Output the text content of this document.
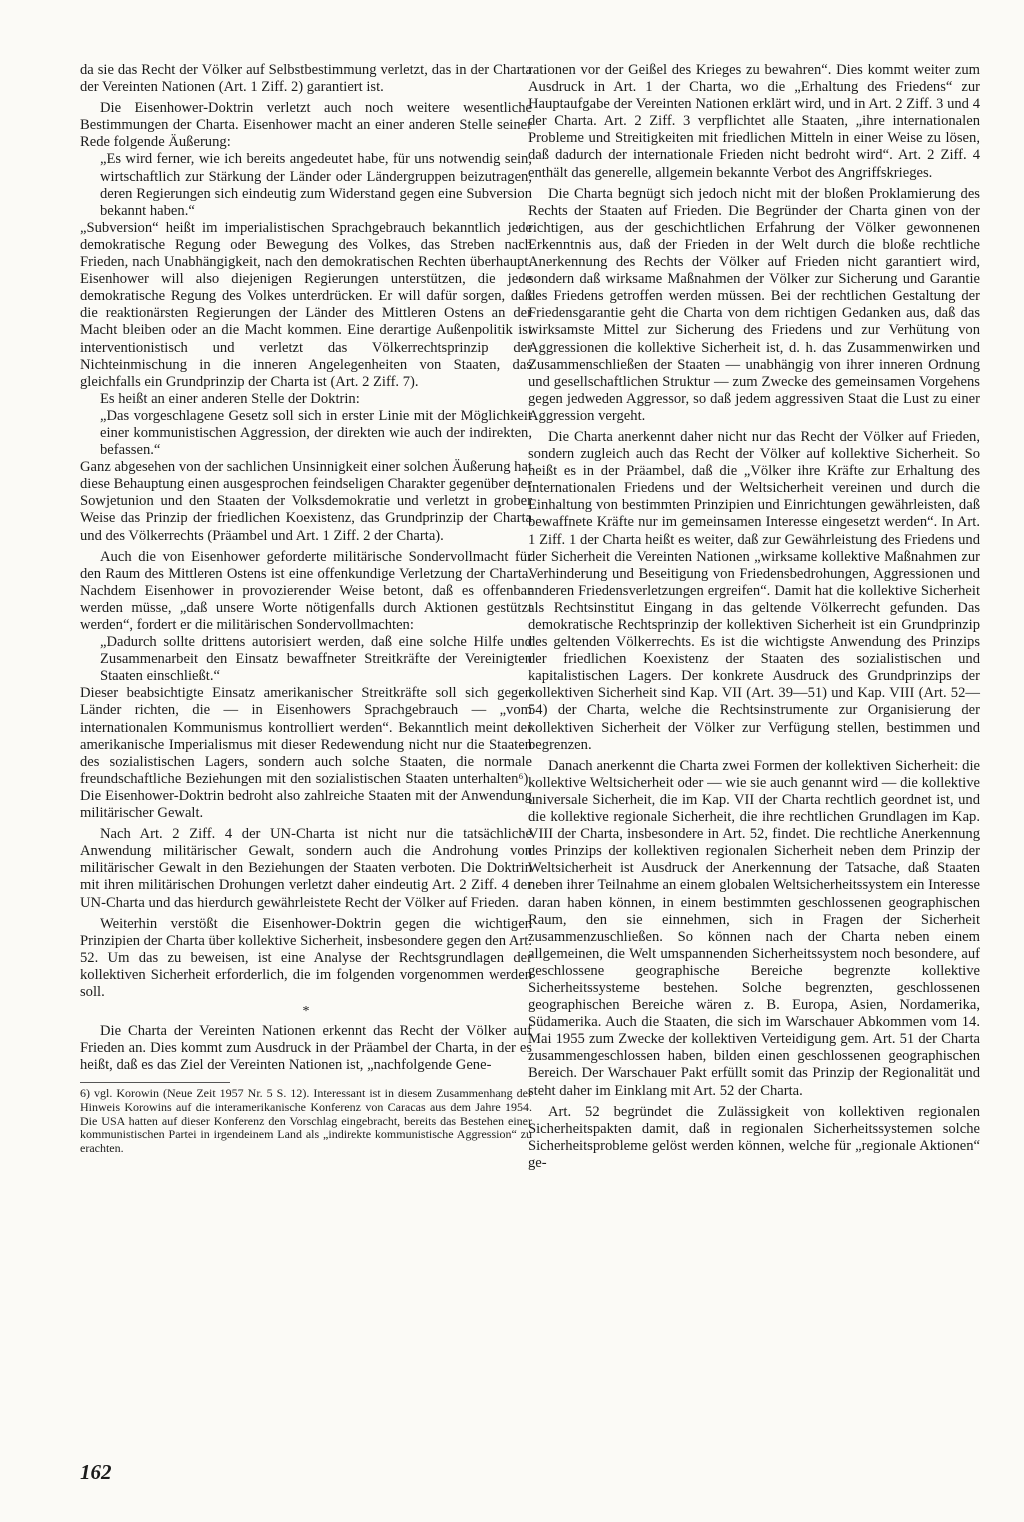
da sie das Recht der Völker auf Selbstbestimmung verletzt, das in der Charta der Vereinten Nationen (Art. 1 Ziff. 2) garantiert ist.

Die Eisenhower-Doktrin verletzt auch noch weitere wesentliche Bestimmungen der Charta. Eisenhower macht an einer anderen Stelle seiner Rede folgende Äußerung:

„Es wird ferner, wie ich bereits angedeutet habe, für uns notwendig sein, wirtschaftlich zur Stärkung der Länder oder Ländergruppen beizutragen, deren Regierungen sich eindeutig zum Widerstand gegen eine Subversion bekannt haben.“

„Subversion“ heißt im imperialistischen Sprachgebrauch bekanntlich jede demokratische Regung oder Bewegung des Volkes, das Streben nach Frieden, nach Unabhängigkeit, nach den demokratischen Rechten überhaupt. Eisenhower will also diejenigen Regierungen unterstützen, die jede demokratische Regung des Volkes unterdrücken. Er will dafür sorgen, daß die reaktionärsten Regierungen der Länder des Mittleren Ostens an der Macht bleiben oder an die Macht kommen. Eine derartige Außenpolitik ist interventionistisch und verletzt das Völkerrechtsprinzip der Nichteinmischung in die inneren Angelegenheiten von Staaten, das gleichfalls ein Grundprinzip der Charta ist (Art. 2 Ziff. 7).

Es heißt an einer anderen Stelle der Doktrin:

„Das vorgeschlagene Gesetz soll sich in erster Linie mit der Möglichkeit einer kommunistischen Aggression, der direkten wie auch der indirekten, befassen.“

Ganz abgesehen von der sachlichen Unsinnigkeit einer solchen Äußerung hat diese Behauptung einen ausgesprochen feindseligen Charakter gegenüber der Sowjetunion und den Staaten der Volksdemokratie und verletzt in grober Weise das Prinzip der friedlichen Koexistenz, das Grundprinzip der Charta und des Völkerrechts (Präambel und Art. 1 Ziff. 2 der Charta).

Auch die von Eisenhower geforderte militärische Sondervollmacht für den Raum des Mittleren Ostens ist eine offenkundige Verletzung der Charta. Nachdem Eisenhower in provozierender Weise betont, daß es offenbar werden müsse, „daß unsere Worte nötigenfalls durch Aktionen gestützt werden“, fordert er die militärischen Sondervollmachten:

„Dadurch sollte drittens autorisiert werden, daß eine solche Hilfe und Zusammenarbeit den Einsatz bewaffneter Streitkräfte der Vereinigten Staaten einschließt.“

Dieser beabsichtigte Einsatz amerikanischer Streitkräfte soll sich gegen Länder richten, die — in Eisenhowers Sprachgebrauch — „vom internationalen Kommunismus kontrolliert werden“. Bekanntlich meint der amerikanische Imperialismus mit dieser Redewendung nicht nur die Staaten des sozialistischen Lagers, sondern auch solche Staaten, die normale freundschaftliche Beziehungen mit den sozialistischen Staaten unterhalten⁶). Die Eisenhower-Doktrin bedroht also zahlreiche Staaten mit der Anwendung militärischer Gewalt.

Nach Art. 2 Ziff. 4 der UN-Charta ist nicht nur die tatsächliche Anwendung militärischer Gewalt, sondern auch die Androhung von militärischer Gewalt in den Beziehungen der Staaten verboten. Die Doktrin mit ihren militärischen Drohungen verletzt daher eindeutig Art. 2 Ziff. 4 der UN-Charta und das hierdurch gewährleistete Recht der Völker auf Frieden.

Weiterhin verstößt die Eisenhower-Doktrin gegen die wichtigen Prinzipien der Charta über kollektive Sicherheit, insbesondere gegen den Art. 52. Um das zu beweisen, ist eine Analyse der Rechtsgrundlagen der kollektiven Sicherheit erforderlich, die im folgenden vorgenommen werden soll.

*

Die Charta der Vereinten Nationen erkennt das Recht der Völker auf Frieden an. Dies kommt zum Ausdruck in der Präambel der Charta, in der es heißt, daß es das Ziel der Vereinten Nationen ist, „nachfolgende Gene-

6) vgl. Korowin (Neue Zeit 1957 Nr. 5 S. 12). Interessant ist in diesem Zusammenhang der Hinweis Korowins auf die interamerikanische Konferenz von Caracas aus dem Jahre 1954. Die USA hatten auf dieser Konferenz den Vorschlag eingebracht, bereits das Bestehen einer kommunistischen Partei in irgendeinem Land als „indirekte kommunistische Aggression“ zu erachten.

rationen vor der Geißel des Krieges zu bewahren“. Dies kommt weiter zum Ausdruck in Art. 1 der Charta, wo die „Erhaltung des Friedens“ zur Hauptaufgabe der Vereinten Nationen erklärt wird, und in Art. 2 Ziff. 3 und 4 der Charta. Art. 2 Ziff. 3 verpflichtet alle Staaten, „ihre internationalen Probleme und Streitigkeiten mit friedlichen Mitteln in einer Weise zu lösen, daß dadurch der internationale Frieden nicht bedroht wird“. Art. 2 Ziff. 4 enthält das generelle, allgemein bekannte Verbot des Angriffskrieges.

Die Charta begnügt sich jedoch nicht mit der bloßen Proklamierung des Rechts der Staaten auf Frieden. Die Begründer der Charta ginen von der richtigen, aus der geschichtlichen Erfahrung der Völker gewonnenen Erkenntnis aus, daß der Frieden in der Welt durch die bloße rechtliche Anerkennung des Rechts der Völker auf Frieden nicht garantiert wird, sondern daß wirksame Maßnahmen der Völker zur Sicherung und Garantie des Friedens getroffen werden müssen. Bei der rechtlichen Gestaltung der Friedensgarantie geht die Charta von dem richtigen Gedanken aus, daß das wirksamste Mittel zur Sicherung des Friedens und zur Verhütung von Aggressionen die kollektive Sicherheit ist, d. h. das Zusammenwirken und Zusammenschließen der Staaten — unabhängig von ihrer inneren Ordnung und gesellschaftlichen Struktur — zum Zwecke des gemeinsamen Vorgehens gegen jedweden Aggressor, so daß jedem aggressiven Staat die Lust zu einer Aggression vergeht.

Die Charta anerkennt daher nicht nur das Recht der Völker auf Frieden, sondern zugleich auch das Recht der Völker auf kollektive Sicherheit. So heißt es in der Präambel, daß die „Völker ihre Kräfte zur Erhaltung des internationalen Friedens und der Weltsicherheit vereinen und durch die Einhaltung von bestimmten Prinzipien und Einrichtungen gewährleisten, daß bewaffnete Kräfte nur im gemeinsamen Interesse eingesetzt werden“. In Art. 1 Ziff. 1 der Charta heißt es weiter, daß zur Gewährleistung des Friedens und der Sicherheit die Vereinten Nationen „wirksame kollektive Maßnahmen zur Verhinderung und Beseitigung von Friedensbedrohungen, Aggressionen und anderen Friedensverletzungen ergreifen“. Damit hat die kollektive Sicherheit als Rechtsinstitut Eingang in das geltende Völkerrecht gefunden. Das demokratische Rechtsprinzip der kollektiven Sicherheit ist ein Grundprinzip des geltenden Völkerrechts. Es ist die wichtigste Anwendung des Prinzips der friedlichen Koexistenz der Staaten des sozialistischen und kapitalistischen Lagers. Der konkrete Ausdruck des Grundprinzips der kollektiven Sicherheit sind Kap. VII (Art. 39—51) und Kap. VIII (Art. 52—54) der Charta, welche die Rechtsinstrumente zur Organisierung der kollektiven Sicherheit der Völker zur Verfügung stellen, bestimmen und begrenzen.

Danach anerkennt die Charta zwei Formen der kollektiven Sicherheit: die kollektive Weltsicherheit oder — wie sie auch genannt wird — die kollektive universale Sicherheit, die im Kap. VII der Charta rechtlich geordnet ist, und die kollektive regionale Sicherheit, die ihre rechtlichen Grundlagen im Kap. VIII der Charta, insbesondere in Art. 52, findet. Die rechtliche Anerkennung des Prinzips der kollektiven regionalen Sicherheit neben dem Prinzip der Weltsicherheit ist Ausdruck der Anerkennung der Tatsache, daß Staaten neben ihrer Teilnahme an einem globalen Weltsicherheitssystem ein Interesse daran haben können, in einem bestimmten geschlossenen geographischen Raum, den sie einnehmen, sich in Fragen der Sicherheit zusammenzuschließen. So können nach der Charta neben einem allgemeinen, die Welt umspannenden Sicherheitssystem noch besondere, auf geschlossene geographische Bereiche begrenzte kollektive Sicherheitssysteme bestehen. Solche begrenzten, geschlossenen geographischen Bereiche wären z. B. Europa, Asien, Nordamerika, Südamerika. Auch die Staaten, die sich im Warschauer Abkommen vom 14. Mai 1955 zum Zwecke der kollektiven Verteidigung gem. Art. 51 der Charta zusammengeschlossen haben, bilden einen geschlossenen geographischen Bereich. Der Warschauer Pakt erfüllt somit das Prinzip der Regionalität und steht daher im Einklang mit Art. 52 der Charta.

Art. 52 begründet die Zulässigkeit von kollektiven regionalen Sicherheitspakten damit, daß in regionalen Sicherheitssystemen solche Sicherheitsprobleme gelöst werden können, welche für „regionale Aktionen“ ge-

162
